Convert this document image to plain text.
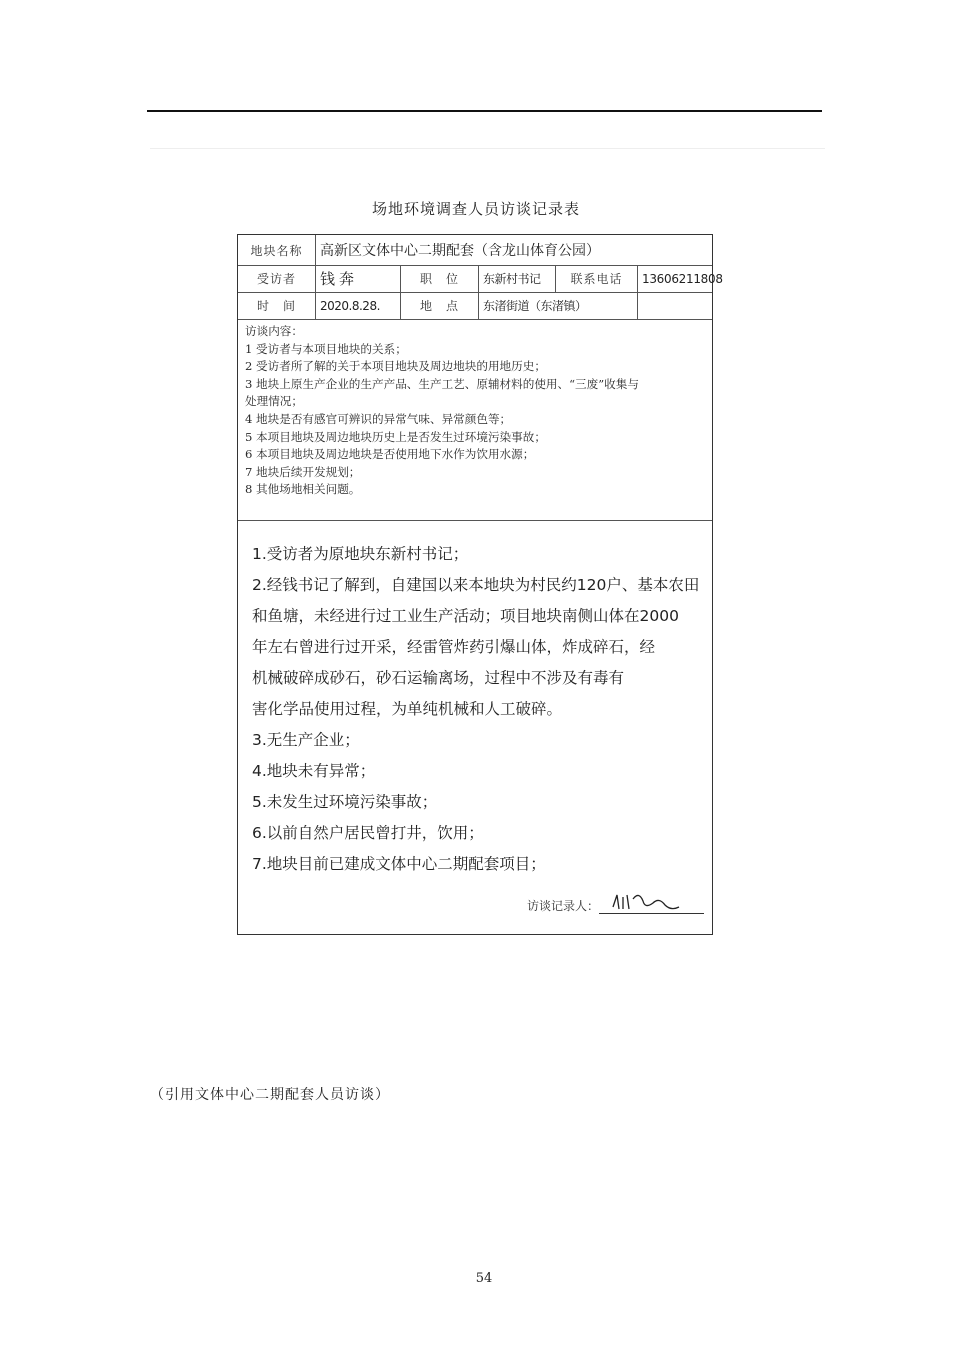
场地环境调查人员访谈记录表
地块名称	高新区文体中心二期配套（含龙山体育公园）
受访者	钱奔	职　位	东新村书记	联系电话	13606211808
时　间	2020.8.28.	地　点	东渚街道（东渚镇）
访谈内容：
1 受访者与本项目地块的关系；
2 受访者所了解的关于本项目地块及周边地块的用地历史；
3 地块上原生产企业的生产产品、生产工艺、原辅材料的使用、“三废”收集与
处理情况；
4 地块是否有感官可辨识的异常气味、异常颜色等；
5 本项目地块及周边地块历史上是否发生过环境污染事故；
6 本项目地块及周边地块是否使用地下水作为饮用水源；
7 地块后续开发规划；
8 其他场地相关问题。
1.受访者为原地块东新村书记；
2.经钱书记了解到，自建国以来本地块为村民约120户、基本农田
和鱼塘，未经进行过工业生产活动；项目地块南侧山体在2000
年左右曾进行过开采，经雷管炸药引爆山体，炸成碎石，经
机械破碎成砂石，砂石运输离场，过程中不涉及有毒有
害化学品使用过程，为单纯机械和人工破碎。
3.无生产企业；
4.地块未有异常；
5.未发生过环境污染事故；
6.以前自然户居民曾打井，饮用；
7.地块目前已建成文体中心二期配套项目；
访谈记录人：
（引用文体中心二期配套人员访谈）
54
